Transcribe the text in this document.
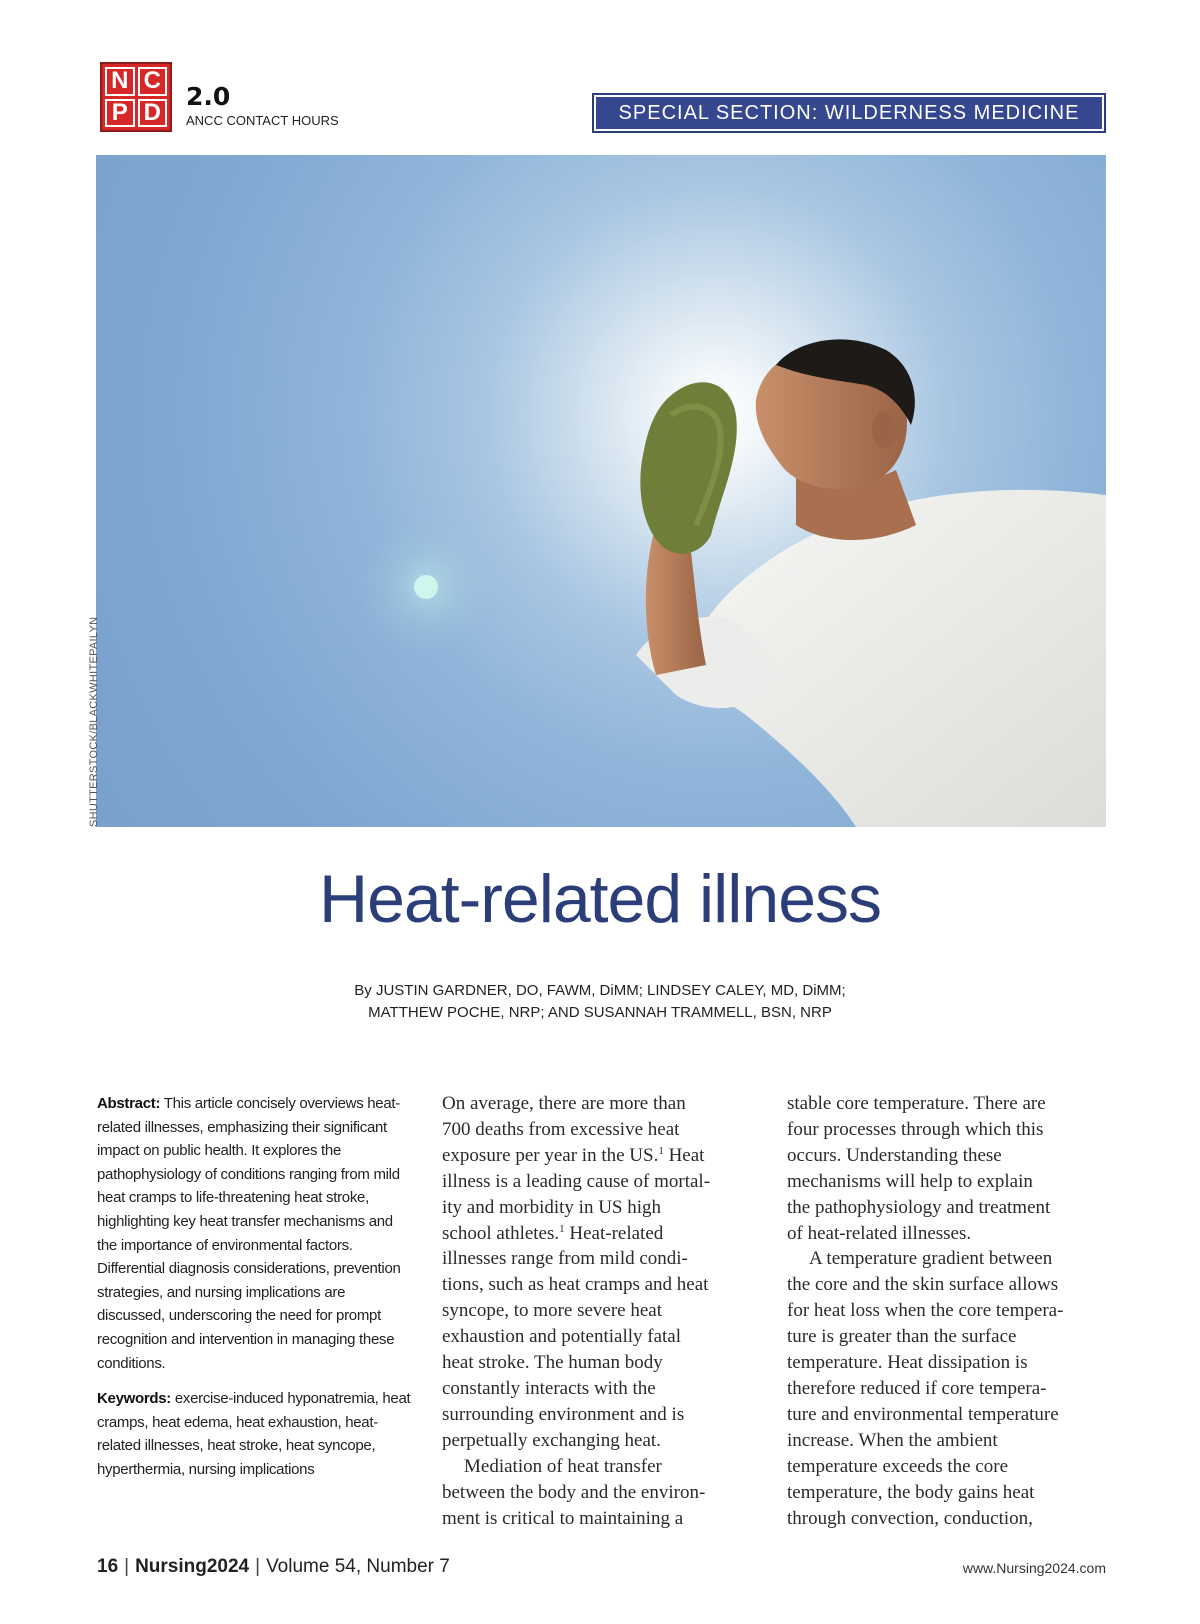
N C
P D
2.0
ANCC CONTACT HOURS	SPECIAL SECTION: WILDERNESS MEDICINE
SHUTTERSTOCK/BLACKWHITEPAILYN
Heat-related illness
By JUSTIN GARDNER, DO, FAWM, DiMM; LINDSEY CALEY, MD, DiMM;
MATTHEW POCHE, NRP; AND SUSANNAH TRAMMELL, BSN, NRP

Abstract: This article concisely overviews heat-related illnesses, emphasizing their significant impact on public health. It explores the pathophysiology of conditions ranging from mild heat cramps to life-threatening heat stroke, highlighting key heat transfer mechanisms and the importance of environmental factors. Differential diagnosis considerations, prevention strategies, and nursing implications are discussed, underscoring the need for prompt recognition and intervention in managing these conditions.

Keywords: exercise-induced hyponatremia, heat cramps, heat edema, heat exhaustion, heat-related illnesses, heat stroke, heat syncope, hyperthermia, nursing implications

On average, there are more than
700 deaths from excessive heat
exposure per year in the US.$^1$ Heat
illness is a leading cause of mortal-
ity and morbidity in US high
school athletes.$^1$ Heat-related
illnesses range from mild condi-
tions, such as heat cramps and heat
syncope, to more severe heat
exhaustion and potentially fatal
heat stroke. The human body
constantly interacts with the
surrounding environment and is
perpetually exchanging heat.
Mediation of heat transfer
between the body and the environ-
ment is critical to maintaining a
stable core temperature. There are
four processes through which this
occurs. Understanding these
mechanisms will help to explain
the pathophysiology and treatment
of heat-related illnesses.
A temperature gradient between
the core and the skin surface allows
for heat loss when the core tempera-
ture is greater than the surface
temperature. Heat dissipation is
therefore reduced if core tempera-
ture and environmental temperature
increase. When the ambient
temperature exceeds the core
temperature, the body gains heat
through convection, conduction,
16 | Nursing2024 | Volume 54, Number 7	www.Nursing2024.com
